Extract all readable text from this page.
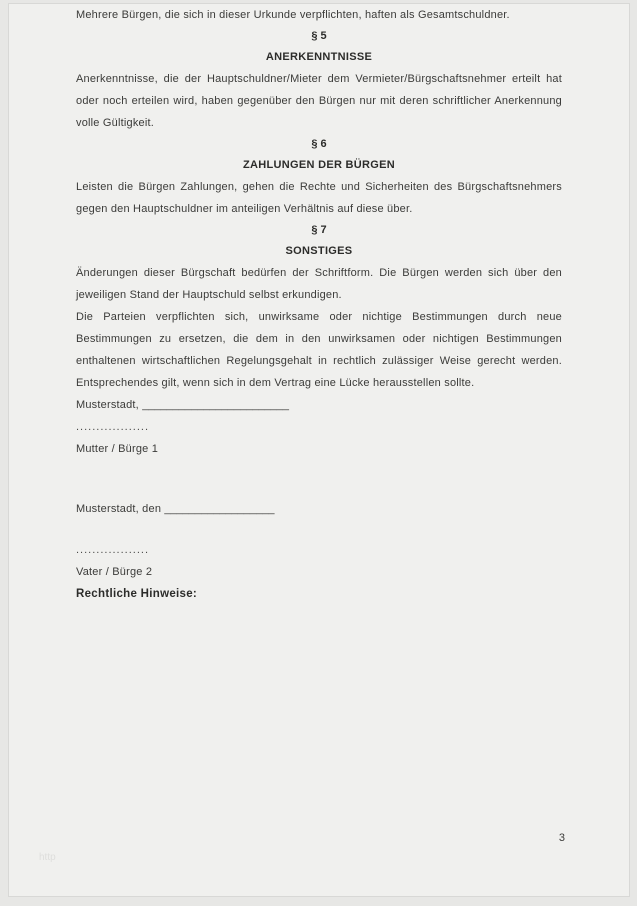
Mehrere Bürgen, die sich in dieser Urkunde verpflichten, haften als Gesamtschuldner.

§ 5

ANERKENNTNISSE

Anerkenntnisse, die der Hauptschuldner/Mieter dem Vermieter/Bürgschaftsnehmer erteilt hat oder noch erteilen wird, haben gegenüber den Bürgen nur mit deren schriftlicher Anerkennung volle Gültigkeit.

§ 6

ZAHLUNGEN DER BÜRGEN

Leisten die Bürgen Zahlungen, gehen die Rechte und Sicherheiten des Bürgschaftsnehmers gegen den Hauptschuldner im anteiligen Verhältnis auf diese über.

§ 7

SONSTIGES

Änderungen dieser Bürgschaft bedürfen der Schriftform. Die Bürgen werden sich über den jeweiligen Stand der Hauptschuld selbst erkundigen.

Die Parteien verpflichten sich, unwirksame oder nichtige Bestimmungen durch neue Bestimmungen zu ersetzen, die dem in den unwirksamen oder nichtigen Bestimmungen enthaltenen wirtschaftlichen Regelungsgehalt in rechtlich zulässiger Weise gerecht werden. Entsprechendes gilt, wenn sich in dem Vertrag eine Lücke herausstellen sollte.

Musterstadt, ________________________

..................

Mutter / Bürge 1

Musterstadt, den __________________

..................

Vater / Bürge 2

Rechtliche Hinweise:

3
http
